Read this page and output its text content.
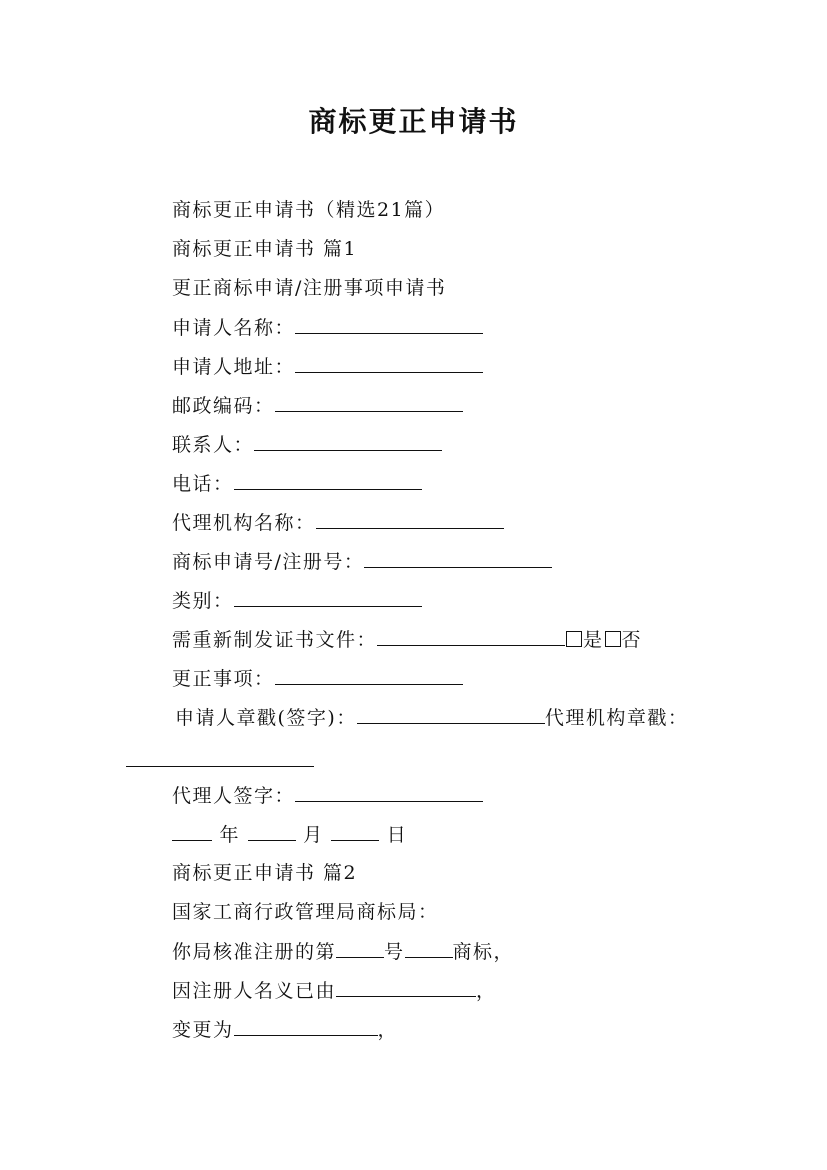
商标更正申请书
商标更正申请书（精选21篇）
商标更正申请书 篇1
更正商标申请/注册事项申请书
申请人名称：
申请人地址：
邮政编码：
联系人：
电话：
代理机构名称：
商标申请号/注册号：
类别：
需重新制发证书文件：	是 否
更正事项：
申请人章戳(签字)：	代理机构章戳：
代理人签字：
年	月	日
商标更正申请书 篇2
国家工商行政管理局商标局：
你局核准注册的第	号	商标，
因注册人名义已由	，
变更为	，
